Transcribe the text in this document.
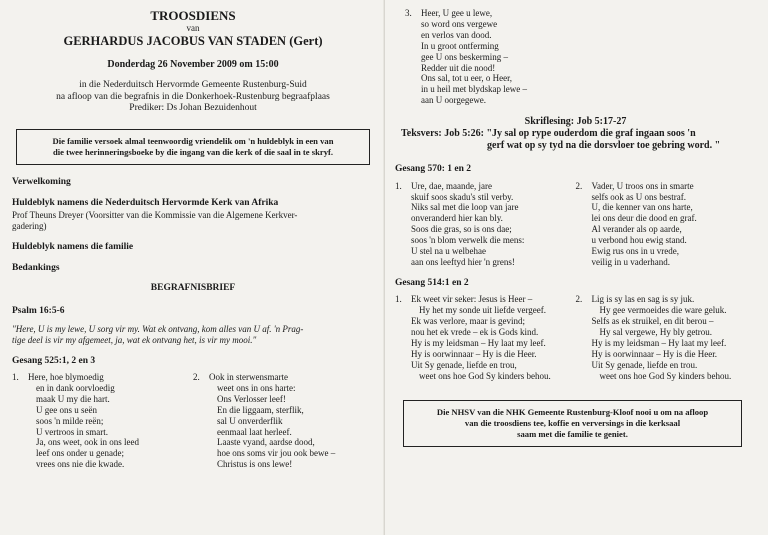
TROOSDIENS
van
GERHARDUS JACOBUS VAN STADEN (Gert)
Donderdag 26 November 2009 om 15:00
in die Nederduitsch Hervormde Gemeente Rustenburg-Suid
na afloop van die begrafnis in die Donkerhoek-Rustenburg begraafplaas
Prediker: Ds Johan Bezuidenhout
Die familie versoek almal teenwoordig vriendelik om 'n huldeblyk in een van
die twee herinneringsboeke by die ingang van die kerk of die saal in te skryf.
Verwelkoming
Huldeblyk namens die Nederduitsch Hervormde Kerk van Afrika
Prof Theuns Dreyer (Voorsitter van die Kommissie van die Algemene Kerkver-
gadering)
Huldeblyk namens die familie
Bedankings
BEGRAFNISBRIEF
Psalm 16:5-6
"Here, U is my lewe, U sorg vir my. Wat ek ontvang, kom alles van U af. 'n Prag-
tige deel is vir my afgemeet, ja, wat ek ontvang het, is vir my mooi."
Gesang 525:1, 2 en 3
1.	Here, hoe blymoedig
en in dank oorvloedig
maak U my die hart.
U gee ons u seën
soos 'n milde reën;
U vertroos in smart.
Ja, ons weet, ook in ons leed
leef ons onder u genade;
vrees ons nie die kwade.
2.	Ook in sterwensmarte
weet ons in ons harte:
Ons Verlosser leef!
En die liggaam, sterflik,
sal U onverderflik
eenmaal laat herleef.
Laaste vyand, aardse dood,
hoe ons soms vir jou ook bewe –
Christus is ons lewe!
3.	Heer, U gee u lewe,
so word ons vergewe
en verlos van dood.
In u groot ontferming
gee U ons beskerming –
Redder uit die nood!
Ons sal, tot u eer, o Heer,
in u heil met blydskap lewe –
aan U oorgegewe.
Skriflesing: Job 5:17-27
Teksvers: Job 5:26: "Jy sal op rype ouderdom die graf ingaan soos 'n
gerf wat op sy tyd na die dorsvloer toe gebring word. "
Gesang 570: 1 en 2
1.	Ure, dae, maande, jare
skuif soos skadu's stil verby.
Niks sal met die loop van jare
onveranderd hier kan bly.
Soos die gras, so is ons dae;
soos 'n blom verwelk die mens:
U stel na u welbehae
aan ons leeftyd hier 'n grens!
2.	Vader, U troos ons in smarte
selfs ook as U ons bestraf.
U, die kenner van ons harte,
lei ons deur die dood en graf.
Al verander als op aarde,
u verbond hou ewig stand.
Ewig rus ons in u vrede,
veilig in u vaderhand.
Gesang 514:1 en 2
1.	Ek weet vir seker: Jesus is Heer –
Hy het my sonde uit liefde vergeef.
Ek was verlore, maar is gevind;
nou het ek vrede – ek is Gods kind.
Hy is my leidsman – Hy laat my leef.
Hy is oorwinnaar – Hy is die Heer.
Uit Sy genade, liefde en trou,
weet ons hoe God Sy kinders behou.
2.	Lig is sy las en sag is sy juk.
Hy gee vermoeides die ware geluk.
Selfs as ek struikel, en dit berou –
Hy sal vergewe, Hy bly getrou.
Hy is my leidsman – Hy laat my leef.
Hy is oorwinnaar – Hy is die Heer.
Uit Sy genade, liefde en trou.
weet ons hoe God Sy kinders behou.
Die NHSV van die NHK Gemeente Rustenburg-Kloof nooi u om na afloop
van die troosdiens tee, koffie en verversings in die kerksaal
saam met die familie te geniet.
